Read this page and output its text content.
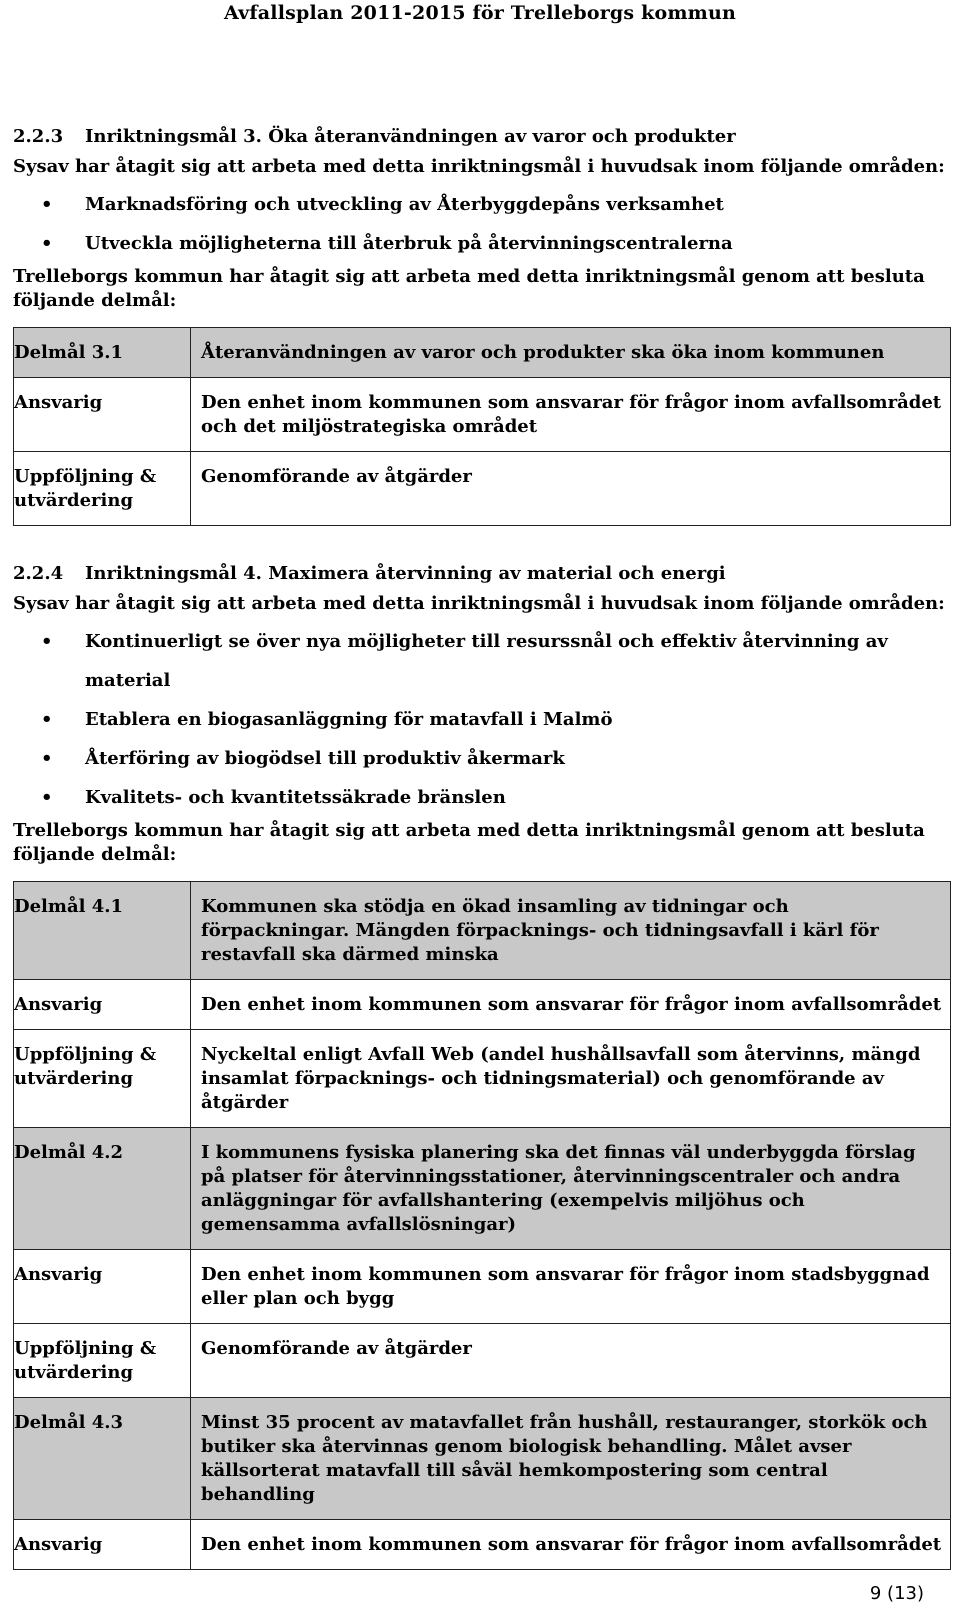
Avfallsplan 2011-2015 för Trelleborgs kommun
2.2.3	Inriktningsmål 3. Öka återanvändningen av varor och produkter

Sysav har åtagit sig att arbeta med detta inriktningsmål i huvudsak inom följande områden:

• Marknadsföring och utveckling av Återbyggdepåns verksamhet
• Utveckla möjligheterna till återbruk på återvinningscentralerna

Trelleborgs kommun har åtagit sig att arbeta med detta inriktningsmål genom att besluta följande delmål:

Delmål 3.1	Återanvändningen av varor och produkter ska öka inom kommunen
Ansvarig	Den enhet inom kommunen som ansvarar för frågor inom avfallsområdet och det miljöstrategiska området
Uppföljning & utvärdering	Genomförande av åtgärder
2.2.4	Inriktningsmål 4. Maximera återvinning av material och energi

Sysav har åtagit sig att arbeta med detta inriktningsmål i huvudsak inom följande områden:

• Kontinuerligt se över nya möjligheter till resurssnål och effektiv återvinning av material
• Etablera en biogasanläggning för matavfall i Malmö
• Återföring av biogödsel till produktiv åkermark
• Kvalitets- och kvantitetssäkrade bränslen

Trelleborgs kommun har åtagit sig att arbeta med detta inriktningsmål genom att besluta följande delmål:

Delmål 4.1	Kommunen ska stödja en ökad insamling av tidningar och förpackningar. Mängden förpacknings- och tidningsavfall i kärl för restavfall ska därmed minska
Ansvarig	Den enhet inom kommunen som ansvarar för frågor inom avfallsområdet
Uppföljning & utvärdering	Nyckeltal enligt Avfall Web (andel hushållsavfall som återvinns, mängd insamlat förpacknings- och tidningsmaterial) och genomförande av åtgärder
Delmål 4.2	I kommunens fysiska planering ska det finnas väl underbyggda förslag på platser för återvinningsstationer, återvinningscentraler och andra anläggningar för avfallshantering (exempelvis miljöhus och gemensamma avfallslösningar)
Ansvarig	Den enhet inom kommunen som ansvarar för frågor inom stadsbyggnad eller plan och bygg
Uppföljning & utvärdering	Genomförande av åtgärder
Delmål 4.3	Minst 35 procent av matavfallet från hushåll, restauranger, storkök och butiker ska återvinnas genom biologisk behandling. Målet avser källsorterat matavfall till såväl hemkompostering som central behandling
Ansvarig	Den enhet inom kommunen som ansvarar för frågor inom avfallsområdet
9 (13)
